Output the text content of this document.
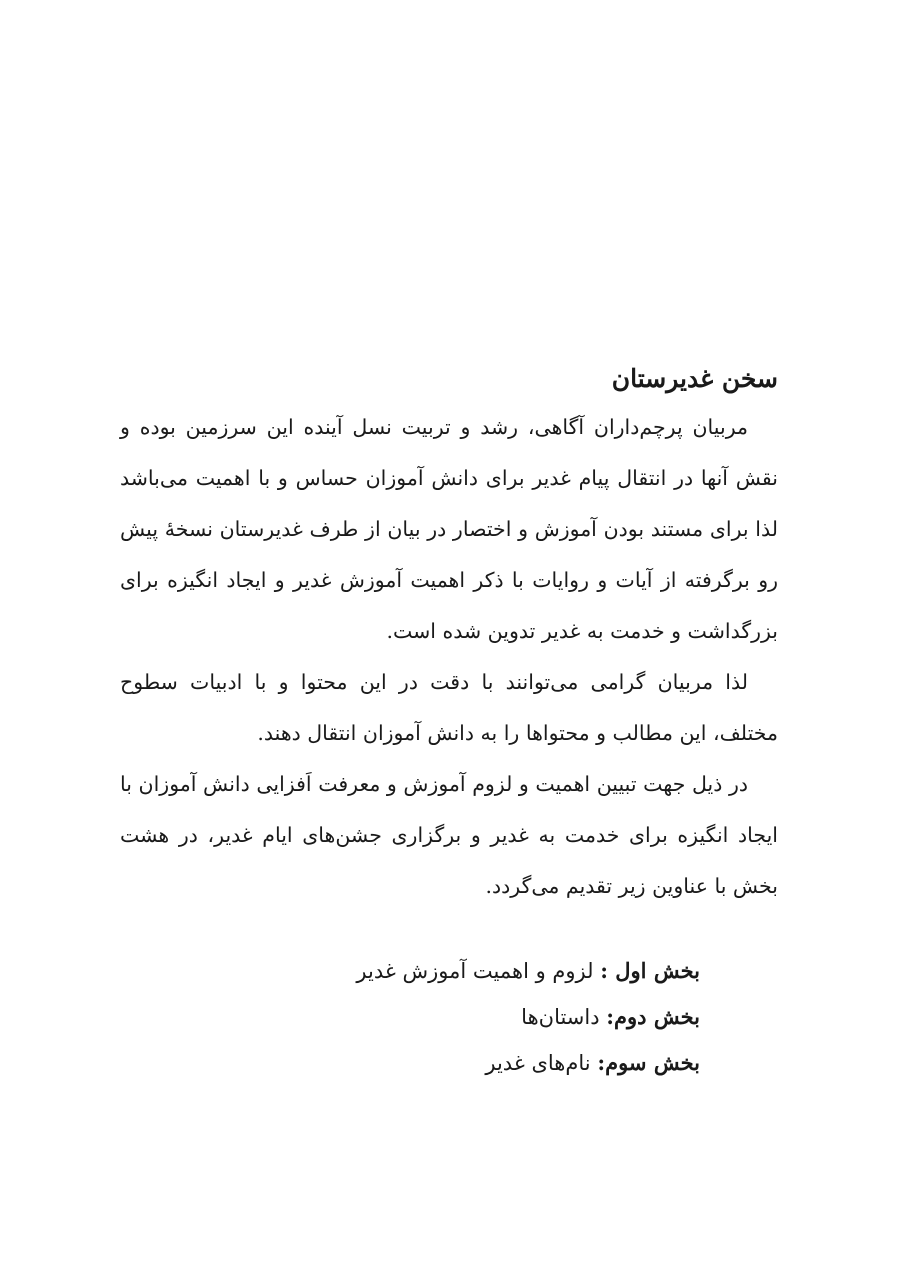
سخن غدیرستان

مربیان پرچم‌داران آگاهی، رشد و تربیت نسل آینده این سرزمین بوده و نقش آنها در انتقال پیام غدیر برای دانش آموزان حساس و با اهمیت می‌باشد لذا برای مستند بودن آموزش و اختصار در بیان از طرف غدیرستان نسخهٔ پیش رو برگرفته از آیات و روایات با ذکر اهمیت آموزش غدیر و ایجاد انگیزه برای بزرگداشت و خدمت به غدیر تدوین شده است.

لذا مربیان گرامی می‌توانند با دقت در این محتوا و با ادبیات سطوح مختلف، این مطالب و محتواها را به دانش آموزان انتقال دهند.

در ذیل جهت تبیین اهمیت و لزوم آموزش و معرفت اَفزایی دانش آموزان با ایجاد انگیزه برای خدمت به غدیر و برگزاری جشن‌های ایام غدیر، در هشت بخش با عناوین زیر تقدیم می‌گردد.

بخش اول : لزوم و اهمیت آموزش غدیر
بخش دوم: داستان‌ها
بخش سوم: نام‌های غدیر
